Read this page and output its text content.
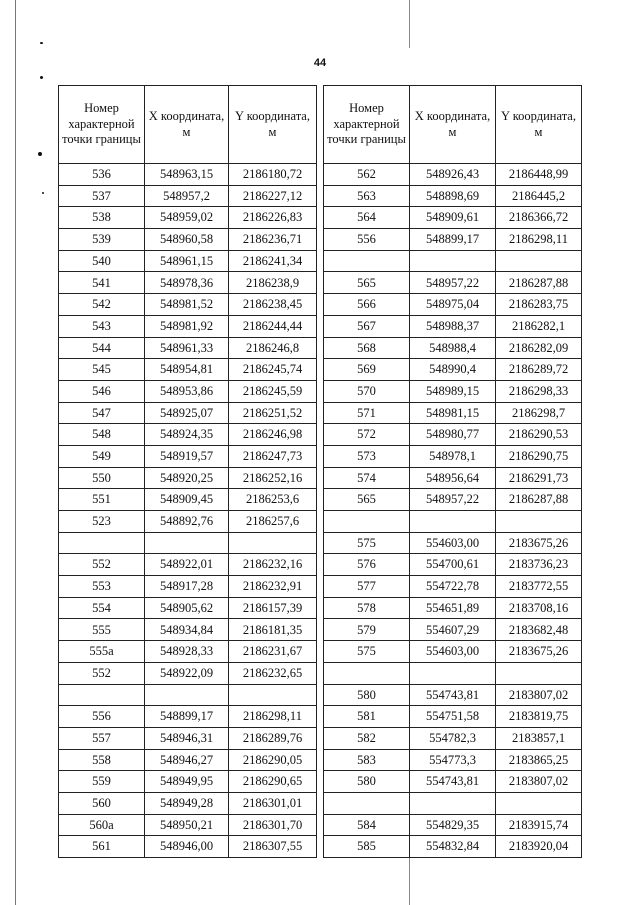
44
Номер характерной точки границы	X координата, м	Y координата, м
536	548963,15	2186180,72
537	548957,2	2186227,12
538	548959,02	2186226,83
539	548960,58	2186236,71
540	548961,15	2186241,34
541	548978,36	2186238,9
542	548981,52	2186238,45
543	548981,92	2186244,44
544	548961,33	2186246,8
545	548954,81	2186245,74
546	548953,86	2186245,59
547	548925,07	2186251,52
548	548924,35	2186246,98
549	548919,57	2186247,73
550	548920,25	2186252,16
551	548909,45	2186253,6
523	548892,76	2186257,6

552	548922,01	2186232,16
553	548917,28	2186232,91
554	548905,62	2186157,39
555	548934,84	2186181,35
555а	548928,33	2186231,67
552	548922,09	2186232,65

556	548899,17	2186298,11
557	548946,31	2186289,76
558	548946,27	2186290,05
559	548949,95	2186290,65
560	548949,28	2186301,01
560а	548950,21	2186301,70
561	548946,00	2186307,55
Номер характерной точки границы	X координата, м	Y координата, м
562	548926,43	2186448,99
563	548898,69	2186445,2
564	548909,61	2186366,72
556	548899,17	2186298,11

565	548957,22	2186287,88
566	548975,04	2186283,75
567	548988,37	2186282,1
568	548988,4	2186282,09
569	548990,4	2186289,72
570	548989,15	2186298,33
571	548981,15	2186298,7
572	548980,77	2186290,53
573	548978,1	2186290,75
574	548956,64	2186291,73
565	548957,22	2186287,88

575	554603,00	2183675,26
576	554700,61	2183736,23
577	554722,78	2183772,55
578	554651,89	2183708,16
579	554607,29	2183682,48
575	554603,00	2183675,26

580	554743,81	2183807,02
581	554751,58	2183819,75
582	554782,3	2183857,1
583	554773,3	2183865,25
580	554743,81	2183807,02

584	554829,35	2183915,74
585	554832,84	2183920,04
